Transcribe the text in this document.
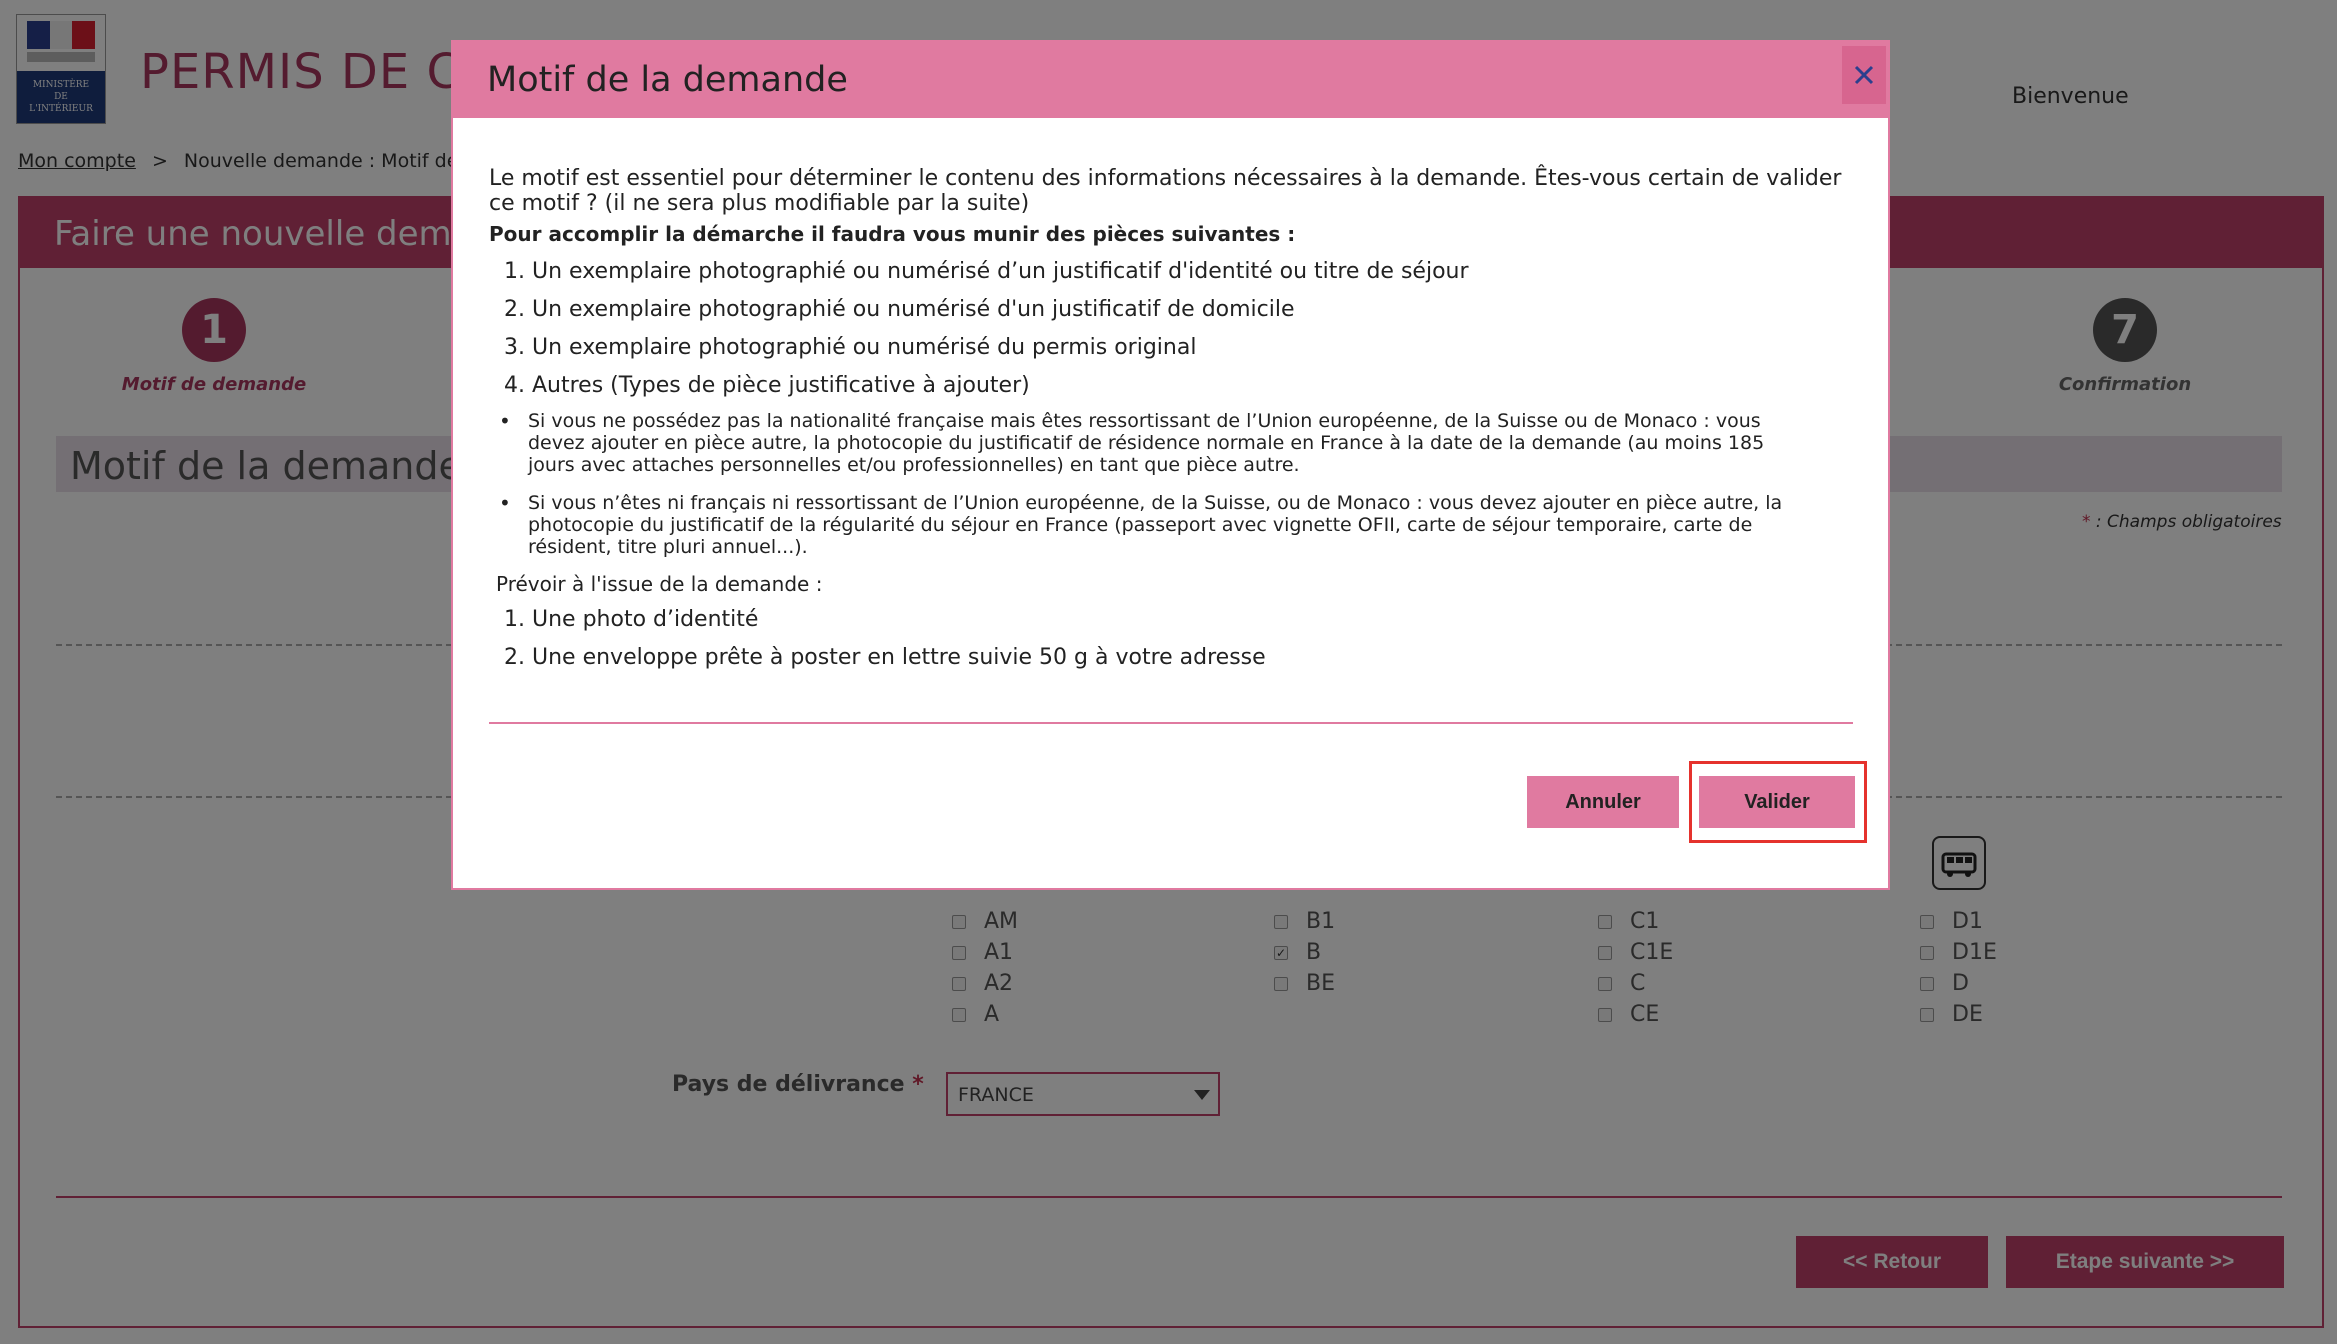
Motif de la demande

Le motif est essentiel pour déterminer le contenu des informations nécessaires à la demande. Êtes-vous certain de valider ce motif ? (il ne sera plus modifiable par la suite)

Pour accomplir la démarche il faudra vous munir des pièces suivantes :

1. Un exemplaire photographié ou numérisé d’un justificatif d'identité ou titre de séjour
2. Un exemplaire photographié ou numérisé d'un justificatif de domicile
3. Un exemplaire photographié ou numérisé du permis original
4. Autres (Types de pièce justificative à ajouter)
• Si vous ne possédez pas la nationalité française mais êtes ressortissant de l’Union européenne, de la Suisse ou de Monaco : vous devez ajouter en pièce autre, la photocopie du justificatif de résidence normale en France à la date de la demande (au moins 185 jours avec attaches personnelles et/ou professionnelles) en tant que pièce autre.
• Si vous n’êtes ni français ni ressortissant de l’Union européenne, de la Suisse, ou de Monaco : vous devez ajouter en pièce autre, la photocopie du justificatif de la régularité du séjour en France (passeport avec vignette OFII, carte de séjour temporaire, carte de résident, titre pluri annuel...).

Prévoir à l'issue de la demande :

1. Une photo d’identité
2. Une enveloppe prête à poster en lettre suivie 50 g à votre adresse
Annuler	Valider
